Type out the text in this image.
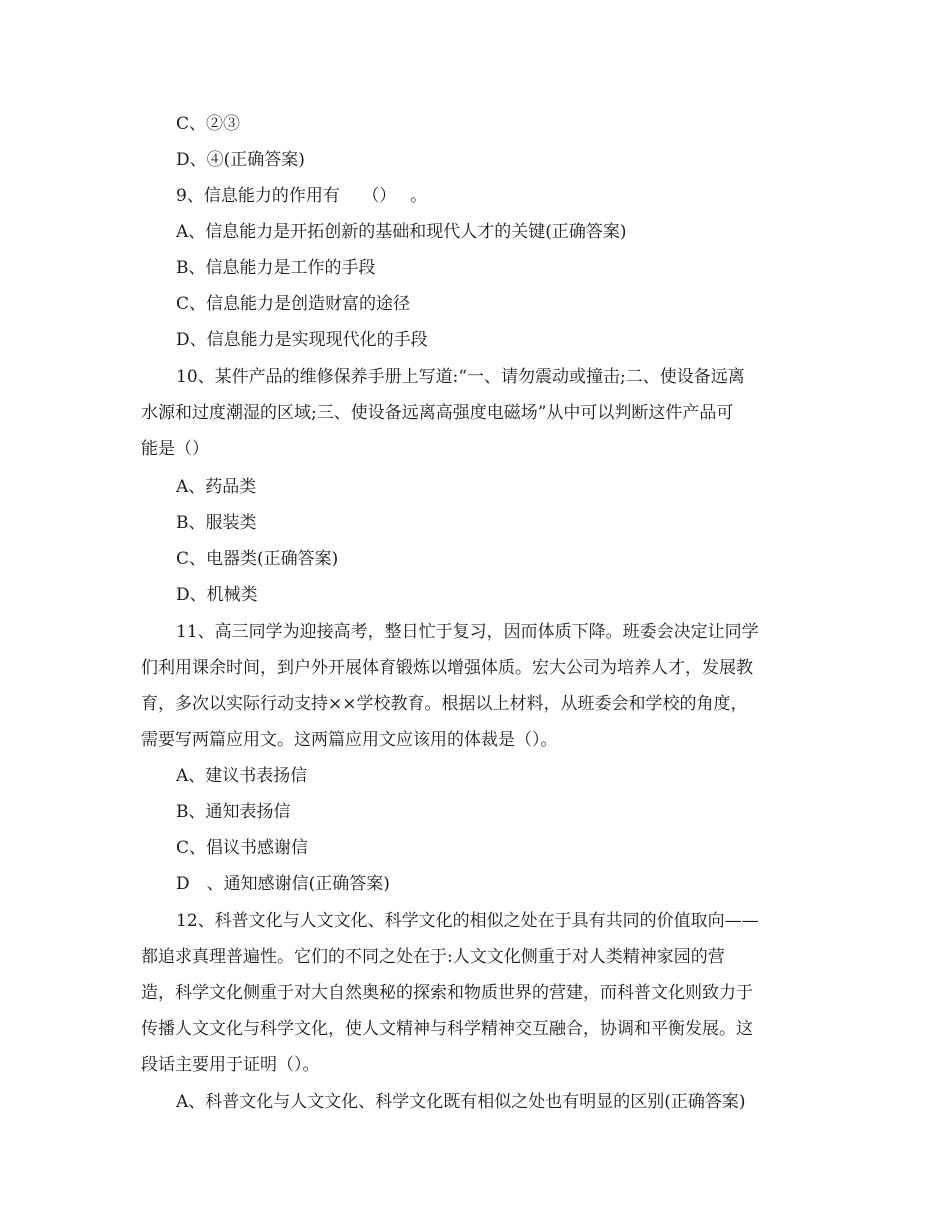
C、②③
D、④(正确答案)
9、信息能力的作用有　 （）　 。
A、信息能力是开拓创新的基础和现代人才的关键(正确答案)
B、信息能力是工作的手段
C、信息能力是创造财富的途径
D、信息能力是实现现代化的手段
10、某件产品的维修保养手册上写道:“一、请勿震动或撞击;二、使设备远离
水源和过度潮湿的区域;三、使设备远离高强度电磁场”从中可以判断这件产品可
能是（）
A、药品类
B、服装类
C、电器类(正确答案)
D、机械类
11、高三同学为迎接高考，整日忙于复习，因而体质下降。班委会决定让同学
们利用课余时间，到户外开展体育锻炼以增强体质。宏大公司为培养人才，发展教
育，多次以实际行动支持××学校教育。根据以上材料，从班委会和学校的角度，
需要写两篇应用文。这两篇应用文应该用的体裁是（）。
A、建议书表扬信
B、通知表扬信
C、倡议书感谢信
D　、通知感谢信(正确答案)
12、科普文化与人文文化、科学文化的相似之处在于具有共同的价值取向——
都追求真理普遍性。它们的不同之处在于:人文文化侧重于对人类精神家园的营
造，科学文化侧重于对大自然奥秘的探索和物质世界的营建，而科普文化则致力于
传播人文文化与科学文化，使人文精神与科学精神交互融合，协调和平衡发展。这
段话主要用于证明（）。
A、科普文化与人文文化、科学文化既有相似之处也有明显的区别(正确答案)
